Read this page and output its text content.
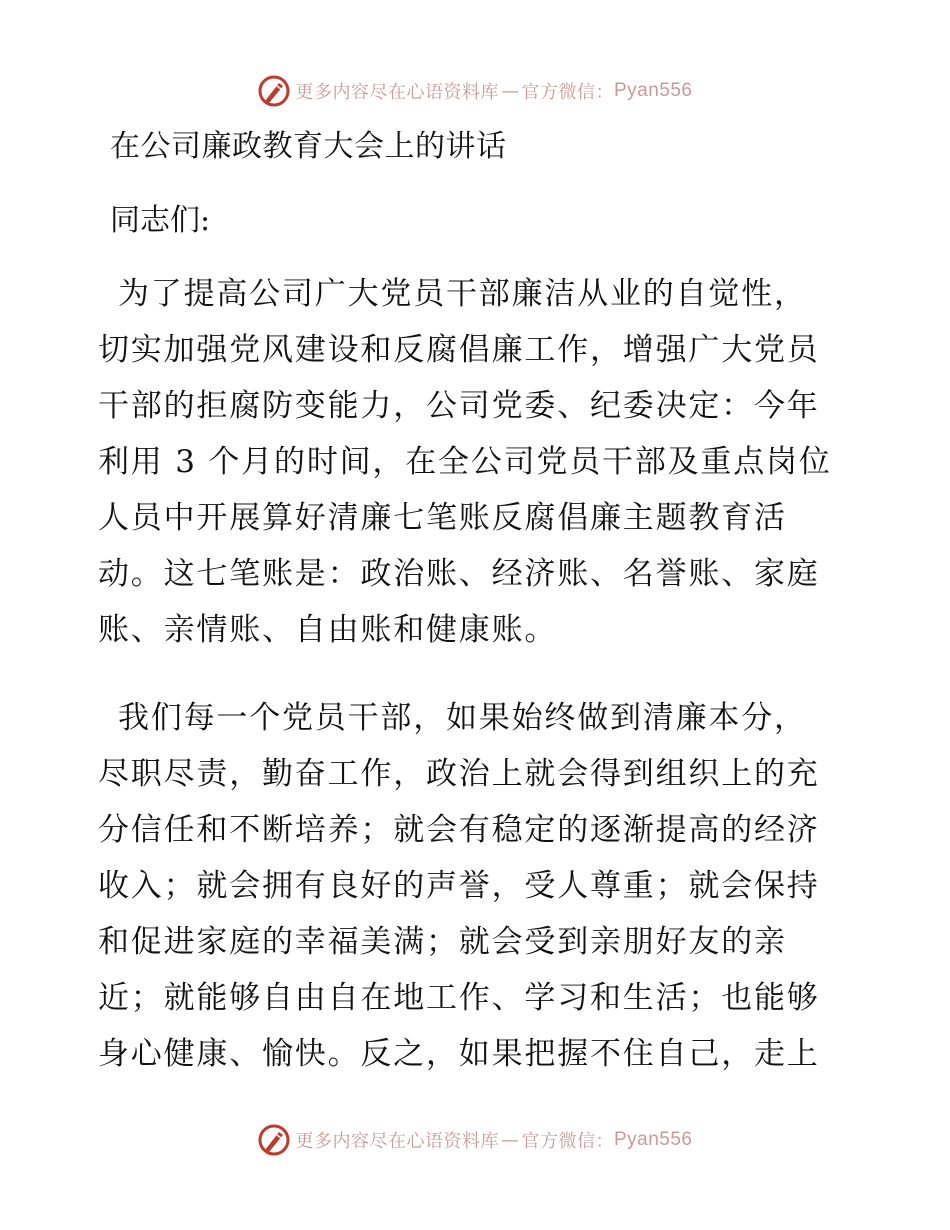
更多内容尽在心语资料库 — 官方微信： Pyan556
在公司廉政教育大会上的讲话
同志们:
为了提高公司广大党员干部廉洁从业的自觉性，
切实加强党风建设和反腐倡廉工作，增强广大党员
干部的拒腐防变能力，公司党委、纪委决定：今年
利用 3 个月的时间，在全公司党员干部及重点岗位
人员中开展算好清廉七笔账反腐倡廉主题教育活
动。这七笔账是：政治账、经济账、名誉账、家庭
账、亲情账、自由账和健康账。
我们每一个党员干部，如果始终做到清廉本分，
尽职尽责，勤奋工作，政治上就会得到组织上的充
分信任和不断培养；就会有稳定的逐渐提高的经济
收入；就会拥有良好的声誉，受人尊重；就会保持
和促进家庭的幸福美满；就会受到亲朋好友的亲
近；就能够自由自在地工作、学习和生活；也能够
身心健康、愉快。反之，如果把握不住自己，走上
更多内容尽在心语资料库 — 官方微信： Pyan556
